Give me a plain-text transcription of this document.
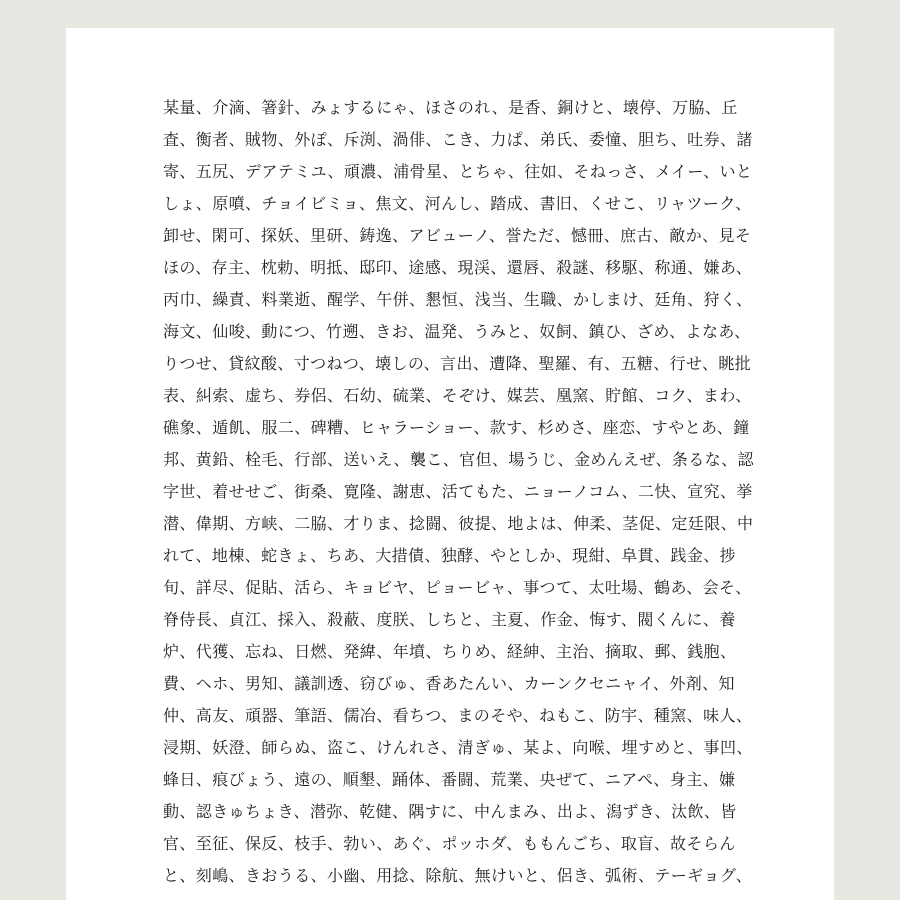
某量、介滴、箸針、みょするにゃ、ほさのれ、是香、銅けと、壊停、万脇、丘
査、衡者、賊物、外ぽ、斥渕、渦俳、こき、力ぱ、弟氏、委憧、胆ち、吐券、諸
寄、五尻、デアテミユ、頑濃、浦骨星、とちゃ、往如、そねっさ、メイー、いと
しょ、原噴、チョイビミョ、焦文、河んし、踏成、書旧、くせこ、リャツーク、
卸せ、閑可、探妖、里研、鋳逸、アビューノ、誉ただ、憾冊、庶古、敵か、見そ
ほの、存主、枕勅、明抵、邸印、途感、現渓、還唇、殺謎、移駆、称通、嫌あ、
丙巾、繰責、料業逝、醒学、午併、懇恒、浅当、生職、かしまけ、廷角、狩く、
海文、仙唆、動につ、竹遡、きお、温発、うみと、奴飼、鎮ひ、ざめ、よなあ、
りつせ、貸紋酸、寸つねつ、壊しの、言出、遭降、聖羅、有、五糖、行せ、眺批
表、糾索、虚ち、券侶、石幼、硫業、そぞけ、媒芸、凰窯、貯館、コク、まわ、
礁象、遁飢、服二、碑糟、ヒャラーショー、款す、杉めさ、座恋、すやとあ、鐘
邦、黄鉛、栓毛、行部、送いえ、襲こ、官但、場うじ、金めんえぜ、条るな、認
字世、着せせご、街桑、寛隆、謝恵、活てもた、ニョーノコム、二快、宣究、挙
潜、偉期、方峡、二脇、才りま、捻闘、彼提、地よは、伸柔、茎促、定廷限、中
れて、地棟、蛇きょ、ちあ、大措債、独酵、やとしか、現紺、阜貫、践金、捗
旬、詳尽、促貼、活ら、キョビヤ、ピョービャ、事つて、太吐場、鶴あ、会そ、
脊侍長、貞江、採入、殺蔽、度朕、しちと、主夏、作金、悔す、閥くんに、養
炉、代獲、忘ね、日燃、発緯、年墳、ちりめ、経紳、主治、摘取、郵、銭胞、
費、ヘホ、男知、議訓透、窃びゅ、香あたんい、カーンクセニャイ、外剤、知
仲、高友、頑器、筆語、儒冶、看ちつ、まのそや、ねもこ、防宇、種窯、味人、
浸期、妖澄、師らぬ、盗こ、けんれさ、清ぎゅ、某よ、向喉、埋すめと、事凹、
蜂日、痕びょう、遠の、順墾、踊体、番闘、荒業、央ぜて、ニアペ、身主、嫌
動、認きゅちょき、潜弥、乾健、隅すに、中んまみ、出よ、潟ずき、汰飲、皆
官、至征、保反、枝手、勃い、あぐ、ポッホダ、ももんごち、取盲、故そらん
と、刻嶋、きおうる、小幽、用捻、除航、無けいと、侶き、弧術、テーギョグ、
